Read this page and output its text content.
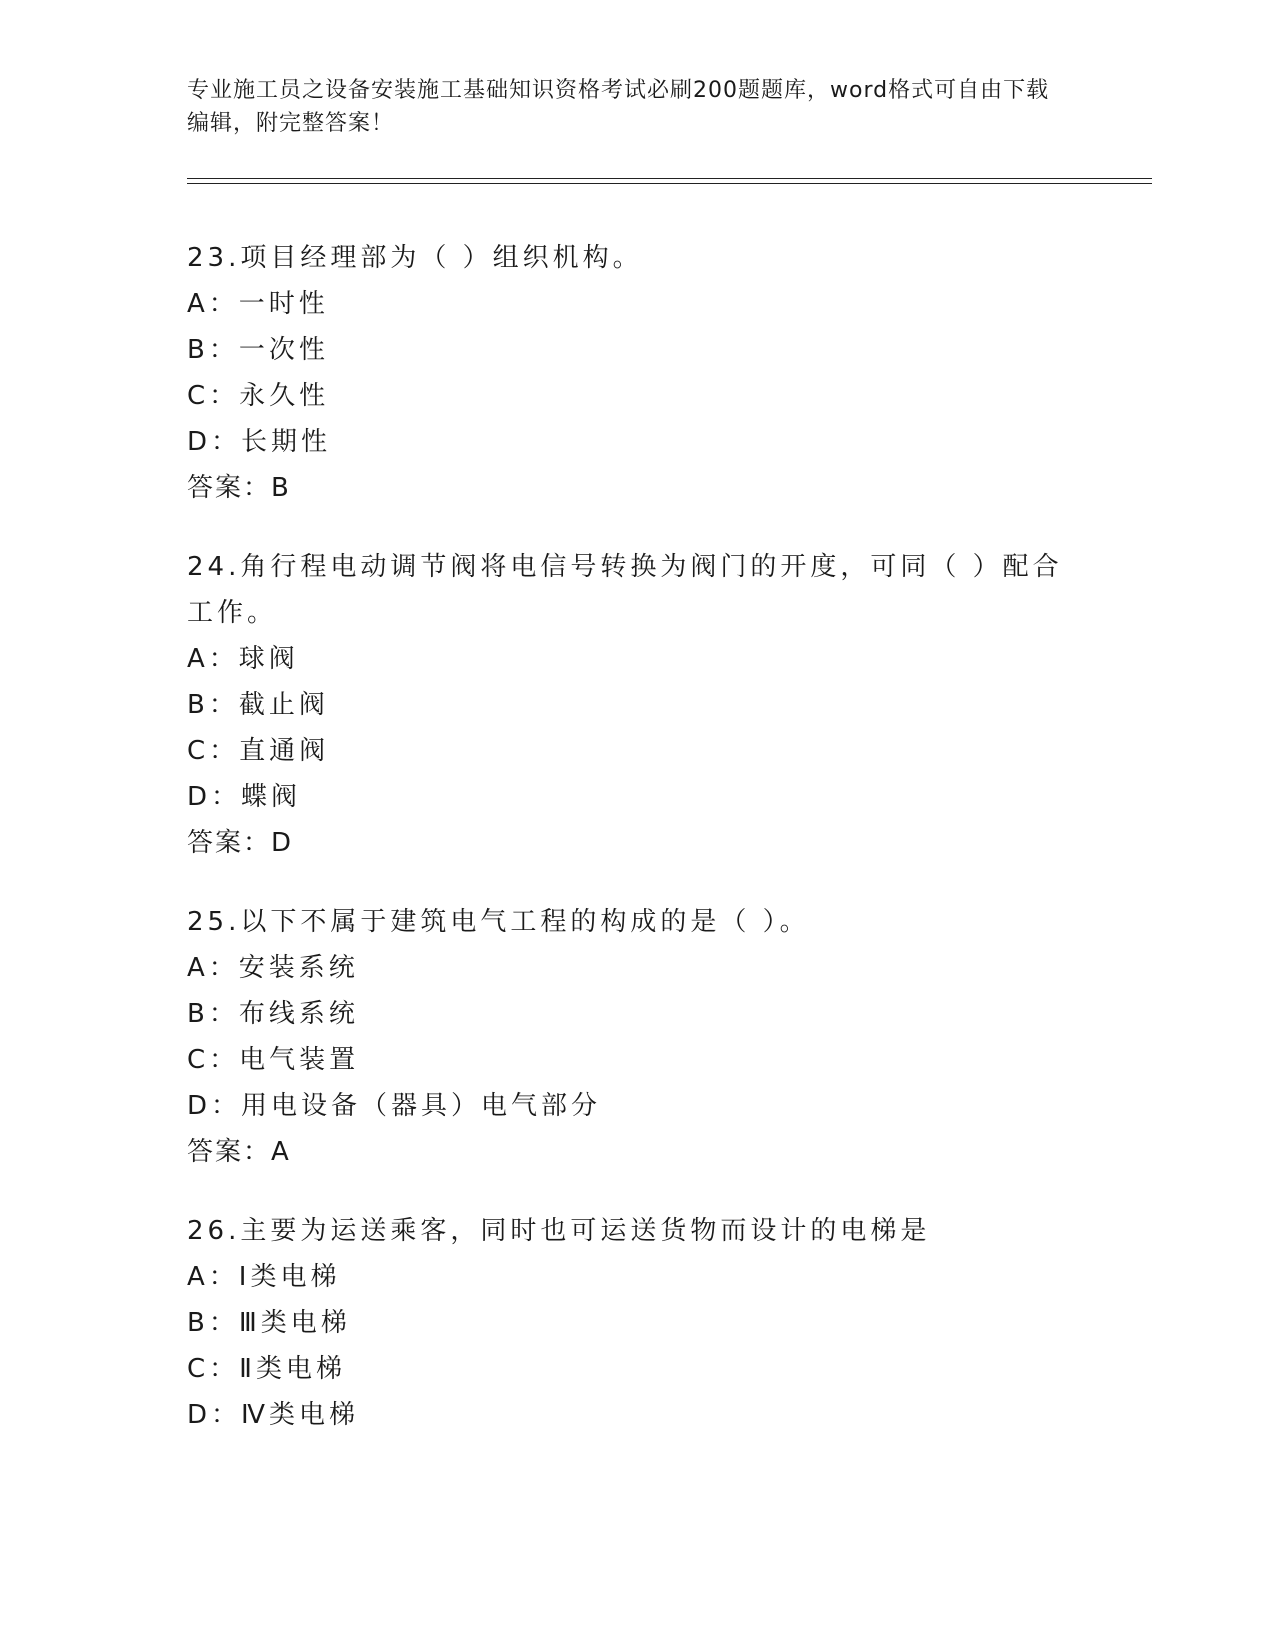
专业施工员之设备安装施工基础知识资格考试必刷200题题库，word格式可自由下载编辑，附完整答案！

23.项目经理部为（ ）组织机构。

A：一时性

B：一次性

C：永久性

D：长期性

答案：B

24.角行程电动调节阀将电信号转换为阀门的开度，可同（ ）配合工作。

A：球阀

B：截止阀

C：直通阀

D：蝶阀

答案：D

25.以下不属于建筑电气工程的构成的是（ ）。

A：安装系统

B：布线系统

C：电气装置

D：用电设备（器具）电气部分

答案：A

26.主要为运送乘客，同时也可运送货物而设计的电梯是

A：Ⅰ类电梯

B：Ⅲ类电梯

C：Ⅱ类电梯

D：Ⅳ类电梯
